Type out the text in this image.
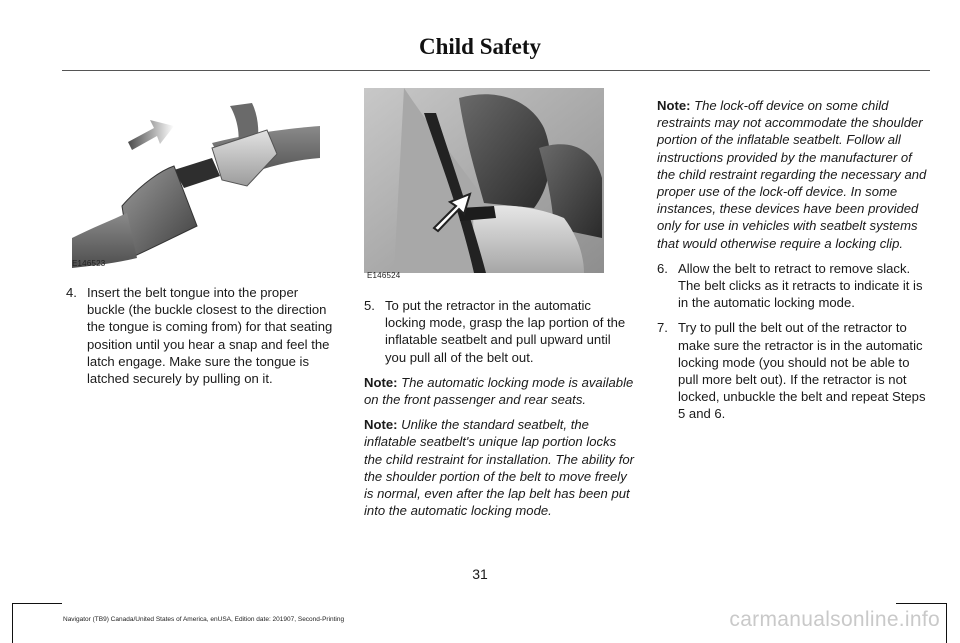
Child Safety
E146523
E146524
4. Insert the belt tongue into the proper buckle (the buckle closest to the direction the tongue is coming from) for that seating position until you hear a snap and feel the latch engage. Make sure the tongue is latched securely by pulling on it.
5. To put the retractor in the automatic locking mode, grasp the lap portion of the inflatable seatbelt and pull upward until you pull all of the belt out.
Note: The automatic locking mode is available on the front passenger and rear seats.
Note: Unlike the standard seatbelt, the inflatable seatbelt's unique lap portion locks the child restraint for installation. The ability for the shoulder portion of the belt to move freely is normal, even after the lap belt has been put into the automatic locking mode.
Note: The lock-off device on some child restraints may not accommodate the shoulder portion of the inflatable seatbelt. Follow all instructions provided by the manufacturer of the child restraint regarding the necessary and proper use of the lock-off device. In some instances, these devices have been provided only for use in vehicles with seatbelt systems that would otherwise require a locking clip.
6. Allow the belt to retract to remove slack. The belt clicks as it retracts to indicate it is in the automatic locking mode.
7. Try to pull the belt out of the retractor to make sure the retractor is in the automatic locking mode (you should not be able to pull more belt out). If the retractor is not locked, unbuckle the belt and repeat Steps 5 and 6.
31
Navigator (TB9) Canada/United States of America, enUSA, Edition date: 201907, Second-Printing	carmanualsonline.info
